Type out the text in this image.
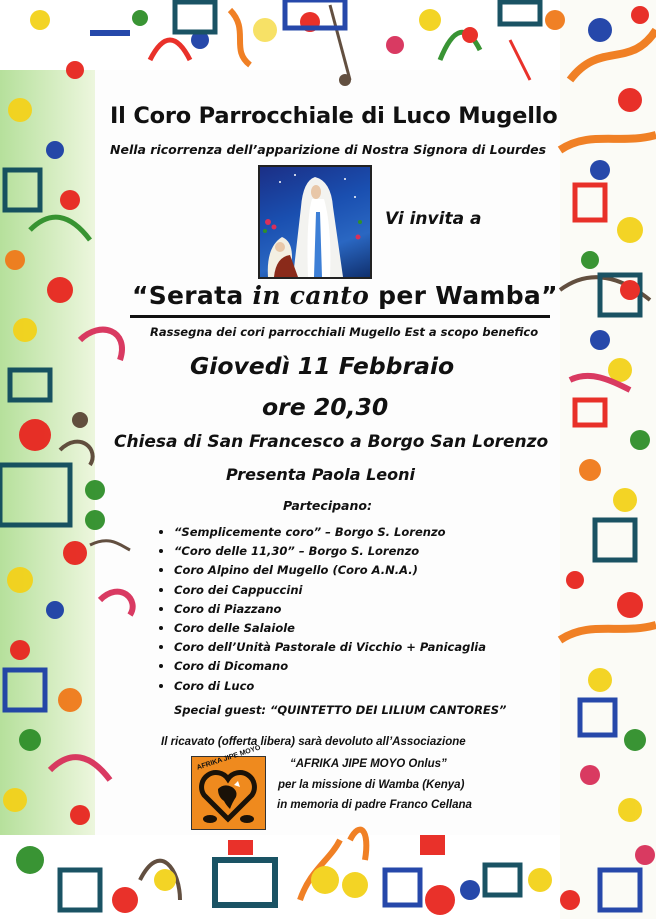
Il Coro Parrocchiale di Luco Mugello
Nella ricorrenza dell’apparizione di Nostra Signora di Lourdes
Vi invita a
“Serata in canto per Wamba”
Rassegna dei cori parrocchiali Mugello Est a scopo benefico
Giovedì 11 Febbraio
ore 20,30
Chiesa di San Francesco a Borgo San Lorenzo
Presenta Paola Leoni
Partecipano:
“Semplicemente coro” – Borgo S. Lorenzo
“Coro delle 11,30” – Borgo S. Lorenzo
Coro Alpino del Mugello (Coro A.N.A.)
Coro dei Cappuccini
Coro di Piazzano
Coro delle Salaiole
Coro dell’Unità Pastorale di Vicchio + Panicaglia
Coro di Dicomano
Coro di Luco
Special guest: “QUINTETTO DEI LILIUM CANTORES”
Il ricavato (offerta libera) sarà devoluto all’Associazione
AFRIKA JIPE MOYO “AFRIKA JIPE MOYO Onlus”
per la missione di Wamba (Kenya)
in memoria di padre Franco Cellana
